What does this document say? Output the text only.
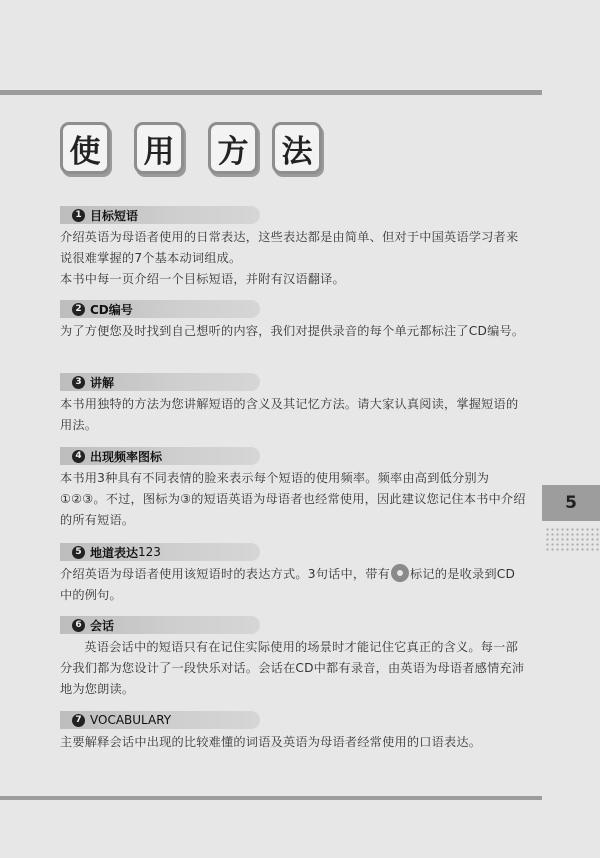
使 用 方 法
1 目标短语

介绍英语为母语者使用的日常表达，这些表达都是由简单、但对于中国英语学习者来说很难掌握的7个基本动词组成。

本书中每一页介绍一个目标短语，并附有汉语翻译。

2 CD编号

为了方便您及时找到自己想听的内容，我们对提供录音的每个单元都标注了CD编号。

3 讲解

本书用独特的方法为您讲解短语的含义及其记忆方法。请大家认真阅读，掌握短语的用法。

4 出现频率图标

本书用3种具有不同表情的脸来表示每个短语的使用频率。频率由高到低分别为①②③。不过，图标为③的短语英语为母语者也经常使用，因此建议您记住本书中介绍的所有短语。

5 地道表达 123

介绍英语为母语者使用该短语时的表达方式。3句话中，带有 标记的是收录到CD 中的例句。

6 会话

英语会话中的短语只有在记住实际使用的场景时才能记住它真正的含义。每一部分我们都为您设计了一段快乐对话。会话在CD中都有录音，由英语为母语者感情充沛地为您朗读。

7 VOCABULARY

主要解释会话中出现的比较难懂的词语及英语为母语者经常使用的口语表达。

5
